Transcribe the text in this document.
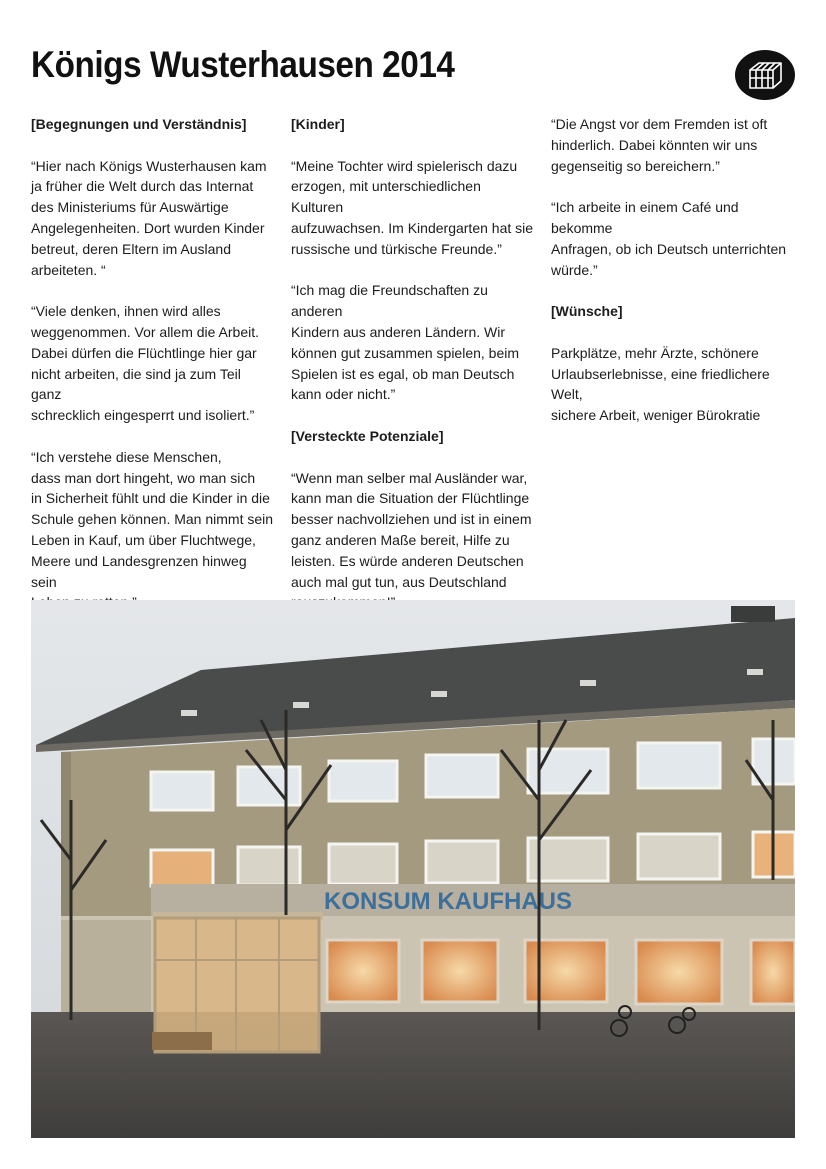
Königs Wusterhausen 2014
[Begegnungen und Verständnis]

“Hier nach Königs Wusterhausen kam
ja früher die Welt durch das Internat
des Ministeriums für Auswärtige
Angelegenheiten. Dort wurden Kinder
betreut, deren Eltern im Ausland
arbeiteten. “

“Viele denken, ihnen wird alles
weggenommen. Vor allem die Arbeit.
Dabei dürfen die Flüchtlinge hier gar
nicht arbeiten, die sind ja zum Teil ganz
schrecklich eingesperrt und isoliert.”

“Ich verstehe diese Menschen,
dass man dort hingeht, wo man sich
in Sicherheit fühlt und die Kinder in die
Schule gehen können. Man nimmt sein
Leben in Kauf, um über Fluchtwege,
Meere und Landesgrenzen hinweg sein

[Kinder]

“Meine Tochter wird spielerisch dazu
erzogen, mit unterschiedlichen Kulturen
aufzuwachsen. Im Kindergarten hat sie
russische und türkische Freunde.”

“Ich mag die Freundschaften zu anderen
Kindern aus anderen Ländern. Wir
können gut zusammen spielen, beim
Spielen ist es egal, ob man Deutsch
kann oder nicht.”

[Versteckte Potenziale]

“Wenn man selber mal Ausländer war,
kann man die Situation der Flüchtlinge
besser nachvollziehen und ist in einem
ganz anderen Maße bereit, Hilfe zu
leisten. Es würde anderen Deutschen
auch mal gut tun, aus Deutschland

“Die Angst vor dem Fremden ist oft
hinderlich. Dabei könnten wir uns
gegenseitig so bereichern.”

“Ich arbeite in einem Café und bekomme
Anfragen, ob ich Deutsch unterrichten
würde.”

[Wünsche]

Parkplätze, mehr Ärzte, schönere
Urlaubserlebnisse, eine friedlichere Welt,
sichere Arbeit, weniger Bürokratie

KONSUM KAUFHAUS
